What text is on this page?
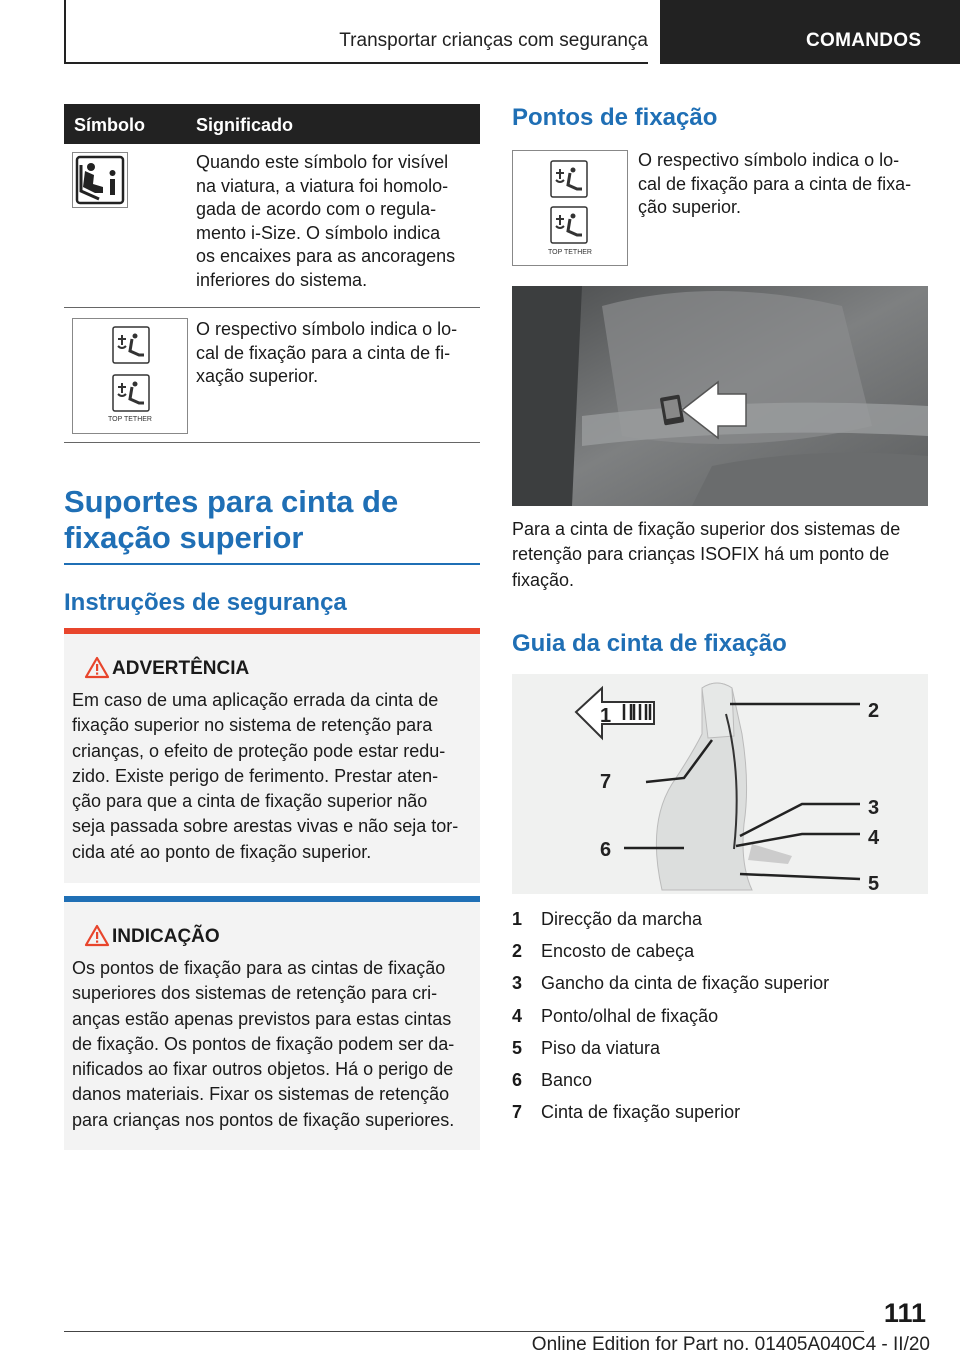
Transportar crianças com segurança	COMANDOS
Símbolo	Significado
Quando este símbolo for visível
na viatura, a viatura foi homolo-
gada de acordo com o regula-
mento i-Size. O símbolo indica
os encaixes para as ancoragens
inferiores do sistema.
TOP TETHER
O respectivo símbolo indica o lo-
cal de fixação para a cinta de fi-
xação superior.
Suportes para cinta de
fixação superior
Instruções de segurança
ADVERTÊNCIA
Em caso de uma aplicação errada da cinta de
fixação superior no sistema de retenção para
crianças, o efeito de proteção pode estar redu-
zido. Existe perigo de ferimento. Prestar aten-
ção para que a cinta de fixação superior não
seja passada sobre arestas vivas e não seja tor-
cida até ao ponto de fixação superior.
INDICAÇÃO
Os pontos de fixação para as cintas de fixação
superiores dos sistemas de retenção para cri-
anças estão apenas previstos para estas cintas
de fixação. Os pontos de fixação podem ser da-
nificados ao fixar outros objetos. Há o perigo de
danos materiais. Fixar os sistemas de retenção
para crianças nos pontos de fixação superiores.
Pontos de fixação
TOP TETHER
O respectivo símbolo indica o lo-
cal de fixação para a cinta de fixa-
ção superior.
Para a cinta de fixação superior dos sistemas de
retenção para crianças ISOFIX há um ponto de
fixação.
Guia da cinta de fixação
1	2
3
4
5
6
7
1 Direcção da marcha
2 Encosto de cabeça
3 Gancho da cinta de fixação superior
4 Ponto/olhal de fixação
5 Piso da viatura
6 Banco
7 Cinta de fixação superior
111
Online Edition for Part no. 01405A040C4 - II/20
